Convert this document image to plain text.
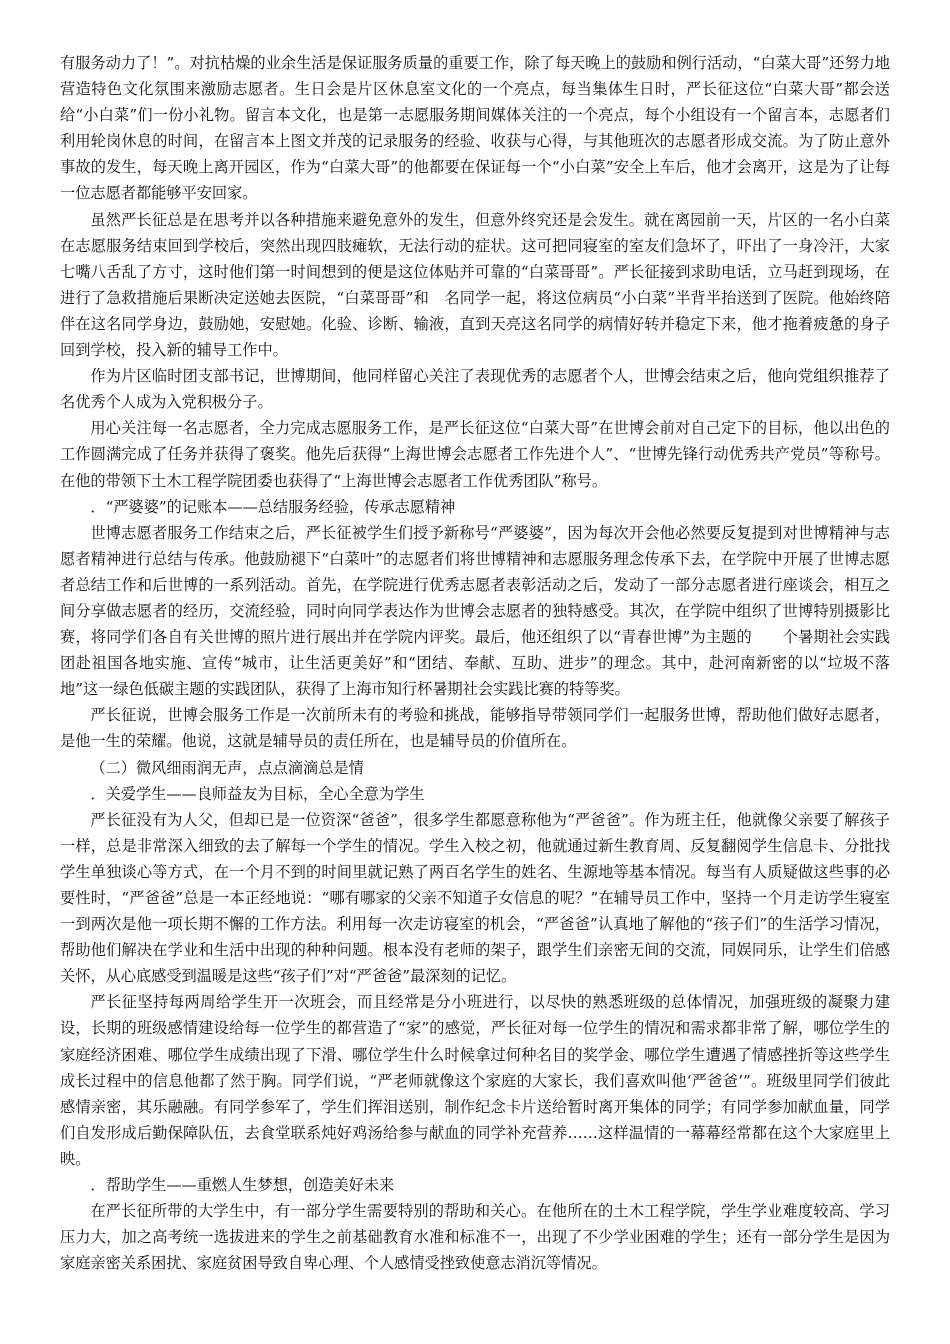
有服务动力了！”。对抗枯燥的业余生活是保证服务质量的重要工作，除了每天晚上的鼓励和例行活动，“白菜大哥”还努力地营造特色文化氛围来激励志愿者。生日会是片区休息室文化的一个亮点，每当集体生日时，严长征这位“白菜大哥”都会送给“小白菜”们一份小礼物。留言本文化，也是第一志愿服务期间媒体关注的一个亮点，每个小组设有一个留言本，志愿者们利用轮岗休息的时间，在留言本上图文并茂的记录服务的经验、收获与心得，与其他班次的志愿者形成交流。为了防止意外事故的发生，每天晚上离开园区，作为“白菜大哥”的他都要在保证每一个“小白菜”安全上车后，他才会离开，这是为了让每一位志愿者都能够平安回家。

虽然严长征总是在思考并以各种措施来避免意外的发生，但意外终究还是会发生。就在离园前一天，片区的一名小白菜在志愿服务结束回到学校后，突然出现四肢瘫软，无法行动的症状。这可把同寝室的室友们急坏了，吓出了一身冷汗，大家七嘴八舌乱了方寸，这时他们第一时间想到的便是这位体贴并可靠的“白菜哥哥”。严长征接到求助电话，立马赶到现场，在进行了急救措施后果断决定送她去医院，“白菜哥哥”和　名同学一起，将这位病员“小白菜”半背半抬送到了医院。他始终陪伴在这名同学身边，鼓励她，安慰她。化验、诊断、输液，直到天亮这名同学的病情好转并稳定下来，他才拖着疲惫的身子回到学校，投入新的辅导工作中。

作为片区临时团支部书记，世博期间，他同样留心关注了表现优秀的志愿者个人，世博会结束之后，他向党组织推荐了　　名优秀个人成为入党积极分子。

用心关注每一名志愿者，全力完成志愿服务工作，是严长征这位“白菜大哥”在世博会前对自己定下的目标，他以出色的工作圆满完成了任务并获得了褒奖。他先后获得“上海世博会志愿者工作先进个人”、“世博先锋行动优秀共产党员”等称号。在他的带领下土木工程学院团委也获得了“上海世博会志愿者工作优秀团队”称号。

．“严婆婆”的记账本——总结服务经验，传承志愿精神

世博志愿者服务工作结束之后，严长征被学生们授予新称号“严婆婆”，因为每次开会他必然要反复提到对世博精神与志愿者精神进行总结与传承。他鼓励褪下“白菜叶”的志愿者们将世博精神和志愿服务理念传承下去，在学院中开展了世博志愿者总结工作和后世博的一系列活动。首先，在学院进行优秀志愿者表彰活动之后，发动了一部分志愿者进行座谈会，相互之间分享做志愿者的经历，交流经验，同时向同学表达作为世博会志愿者的独特感受。其次，在学院中组织了世博特别摄影比赛，将同学们各自有关世博的照片进行展出并在学院内评奖。最后，他还组织了以“青春世博”为主题的　　个暑期社会实践团赴祖国各地实施、宣传“城市，让生活更美好”和“团结、奉献、互助、进步”的理念。其中，赴河南新密的以“垃圾不落地”这一绿色低碳主题的实践团队，获得了上海市知行杯暑期社会实践比赛的特等奖。

严长征说，世博会服务工作是一次前所未有的考验和挑战，能够指导带领同学们一起服务世博，帮助他们做好志愿者，是他一生的荣耀。他说，这就是辅导员的责任所在，也是辅导员的价值所在。

（二）微风细雨润无声，点点滴滴总是情

．关爱学生——良师益友为目标，全心全意为学生

严长征没有为人父，但却已是一位资深“爸爸”，很多学生都愿意称他为“严爸爸”。作为班主任，他就像父亲要了解孩子一样，总是非常深入细致的去了解每一个学生的情况。学生入校之初，他就通过新生教育周、反复翻阅学生信息卡、分批找学生单独谈心等方式，在一个月不到的时间里就记熟了两百名学生的姓名、生源地等基本情况。每当有人质疑做这些事的必要性时，“严爸爸”总是一本正经地说：“哪有哪家的父亲不知道子女信息的呢？”在辅导员工作中，坚持一个月走访学生寝室一到两次是他一项长期不懈的工作方法。利用每一次走访寝室的机会，“严爸爸”认真地了解他的“孩子们”的生活学习情况，帮助他们解决在学业和生活中出现的种种问题。根本没有老师的架子，跟学生们亲密无间的交流，同娱同乐，让学生们倍感关怀，从心底感受到温暖是这些“孩子们”对“严爸爸”最深刻的记忆。

严长征坚持每两周给学生开一次班会，而且经常是分小班进行，以尽快的熟悉班级的总体情况，加强班级的凝聚力建设，长期的班级感情建设给每一位学生的都营造了“家”的感觉，严长征对每一位学生的情况和需求都非常了解，哪位学生的家庭经济困难、哪位学生成绩出现了下滑、哪位学生什么时候拿过何种名目的奖学金、哪位学生遭遇了情感挫折等这些学生成长过程中的信息他都了然于胸。同学们说，“严老师就像这个家庭的大家长，我们喜欢叫他‘严爸爸’”。班级里同学们彼此感情亲密，其乐融融。有同学参军了，学生们挥泪送别，制作纪念卡片送给暂时离开集体的同学；有同学参加献血量，同学们自发形成后勤保障队伍，去食堂联系炖好鸡汤给参与献血的同学补充营养……这样温情的一幕幕经常都在这个大家庭里上映。

．帮助学生——重燃人生梦想，创造美好未来

在严长征所带的大学生中，有一部分学生需要特别的帮助和关心。在他所在的土木工程学院，学生学业难度较高、学习压力大，加之高考统一选拔进来的学生之前基础教育水准和标准不一，出现了不少学业困难的学生；还有一部分学生是因为家庭亲密关系困扰、家庭贫困导致自卑心理、个人感情受挫致使意志消沉等情况。
